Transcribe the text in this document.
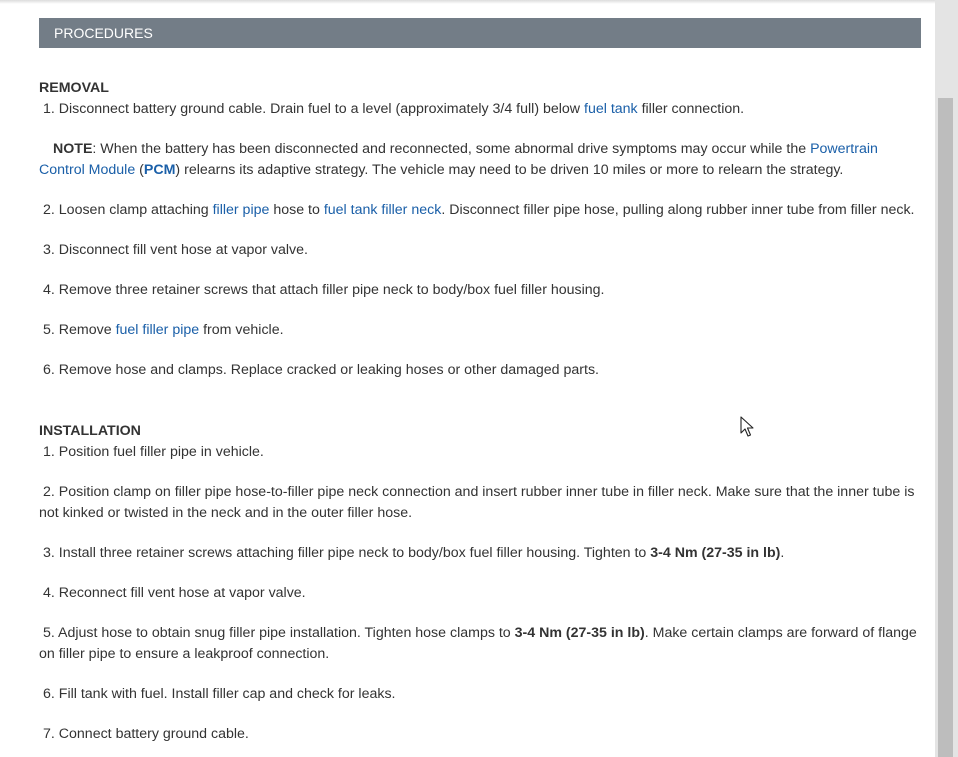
PROCEDURES
REMOVAL

1. Disconnect battery ground cable. Drain fuel to a level (approximately 3/4 full) below fuel tank filler connection.

NOTE: When the battery has been disconnected and reconnected, some abnormal drive symptoms may occur while the Powertrain Control Module (PCM) relearns its adaptive strategy. The vehicle may need to be driven 10 miles or more to relearn the strategy.

2. Loosen clamp attaching filler pipe hose to fuel tank filler neck. Disconnect filler pipe hose, pulling along rubber inner tube from filler neck.

3. Disconnect fill vent hose at vapor valve.

4. Remove three retainer screws that attach filler pipe neck to body/box fuel filler housing.

5. Remove fuel filler pipe from vehicle.

6. Remove hose and clamps. Replace cracked or leaking hoses or other damaged parts.

INSTALLATION

1. Position fuel filler pipe in vehicle.

2. Position clamp on filler pipe hose-to-filler pipe neck connection and insert rubber inner tube in filler neck. Make sure that the inner tube is not kinked or twisted in the neck and in the outer filler hose.

3. Install three retainer screws attaching filler pipe neck to body/box fuel filler housing. Tighten to 3-4 Nm (27-35 in lb).

4. Reconnect fill vent hose at vapor valve.

5. Adjust hose to obtain snug filler pipe installation. Tighten hose clamps to 3-4 Nm (27-35 in lb). Make certain clamps are forward of flange on filler pipe to ensure a leakproof connection.

6. Fill tank with fuel. Install filler cap and check for leaks.

7. Connect battery ground cable.
